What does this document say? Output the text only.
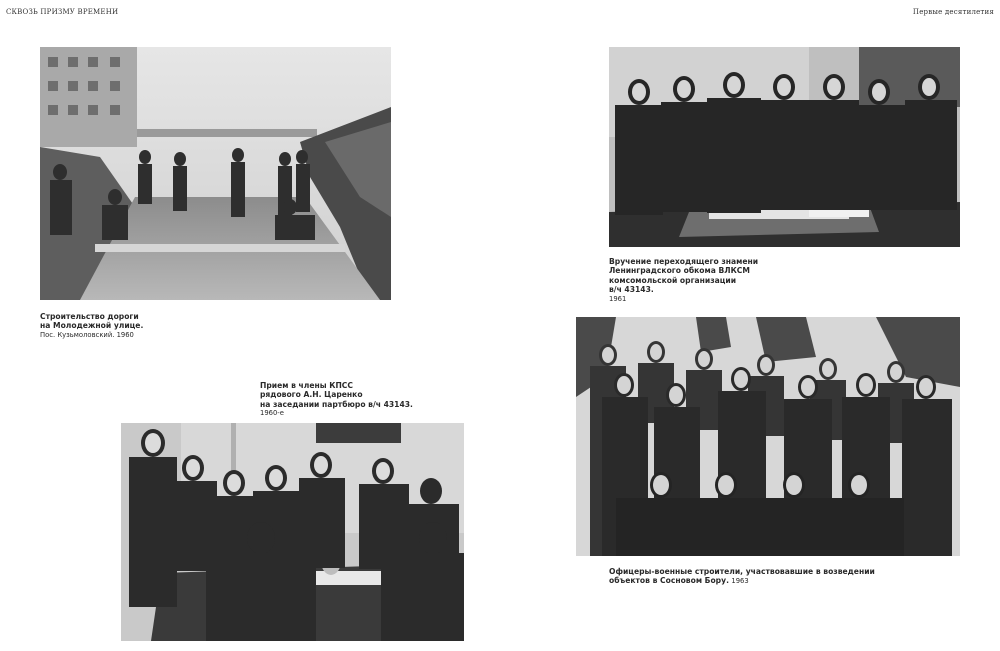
СКВОЗЬ ПРИЗМУ ВРЕМЕНИ	Первые десятилетия
Строительство дороги
на Молодежной улице.
Пос. Кузьмоловский. 1960
Прием в члены КПСС
рядового А.Н. Царенко
на заседании партбюро в/ч 43143.
1960-е
Вручение переходящего знамени
Ленинградского обкома ВЛКСМ
комсомольской организации
в/ч 43143.
1961
Офицеры-военные строители, участвовавшие в возведении
объектов в Сосновом Бору. 1963
